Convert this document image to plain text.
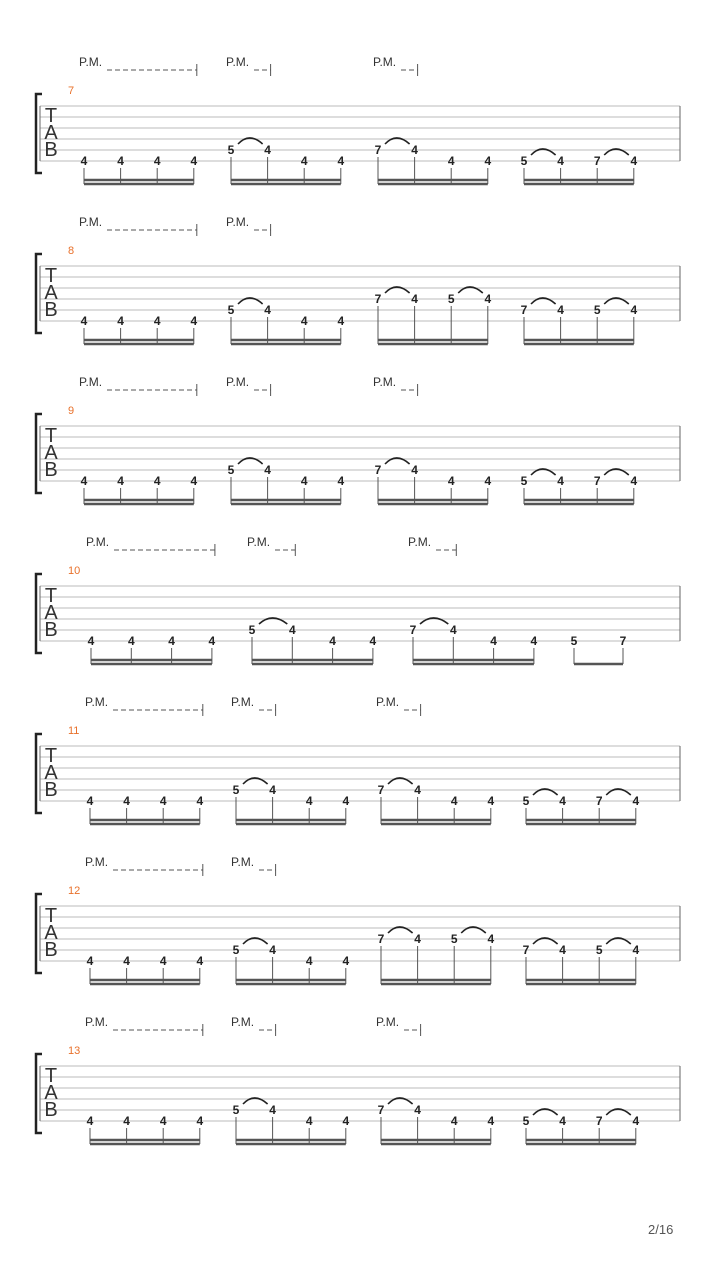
T
A
B
7
4 4 4 4
5 4
4 4
7 4
4 4 5 4 7 4
P.M.	P.M.	P.M.
T
A
B
8
4 4 4 4
5 4
4 4
7 4 5 4
7 4 5 4
P.M.	P.M.
T
A
B
9
4 4 4 4
5 4
4 4
7 4
4 4 5 4 7 4
P.M.	P.M.	P.M.
T
A
B
10
4	4	4	4
5	4
4	4
7	4
4	4	5	7
P.M.	P.M.	P.M.
T
A
B
11
4 4 4 4
5 4
4 4
7 4
4 4 5 4 7 4
P.M.	P.M.	P.M.
T
A
B
12
4 4 4 4
5 4
4 4
7 4 5 4
7 4 5 4
P.M.	P.M.
T
A
B
13
4 4 4 4
5 4
4 4
7 4
4 4 5 4 7 4
P.M.	P.M.	P.M.
2/16
